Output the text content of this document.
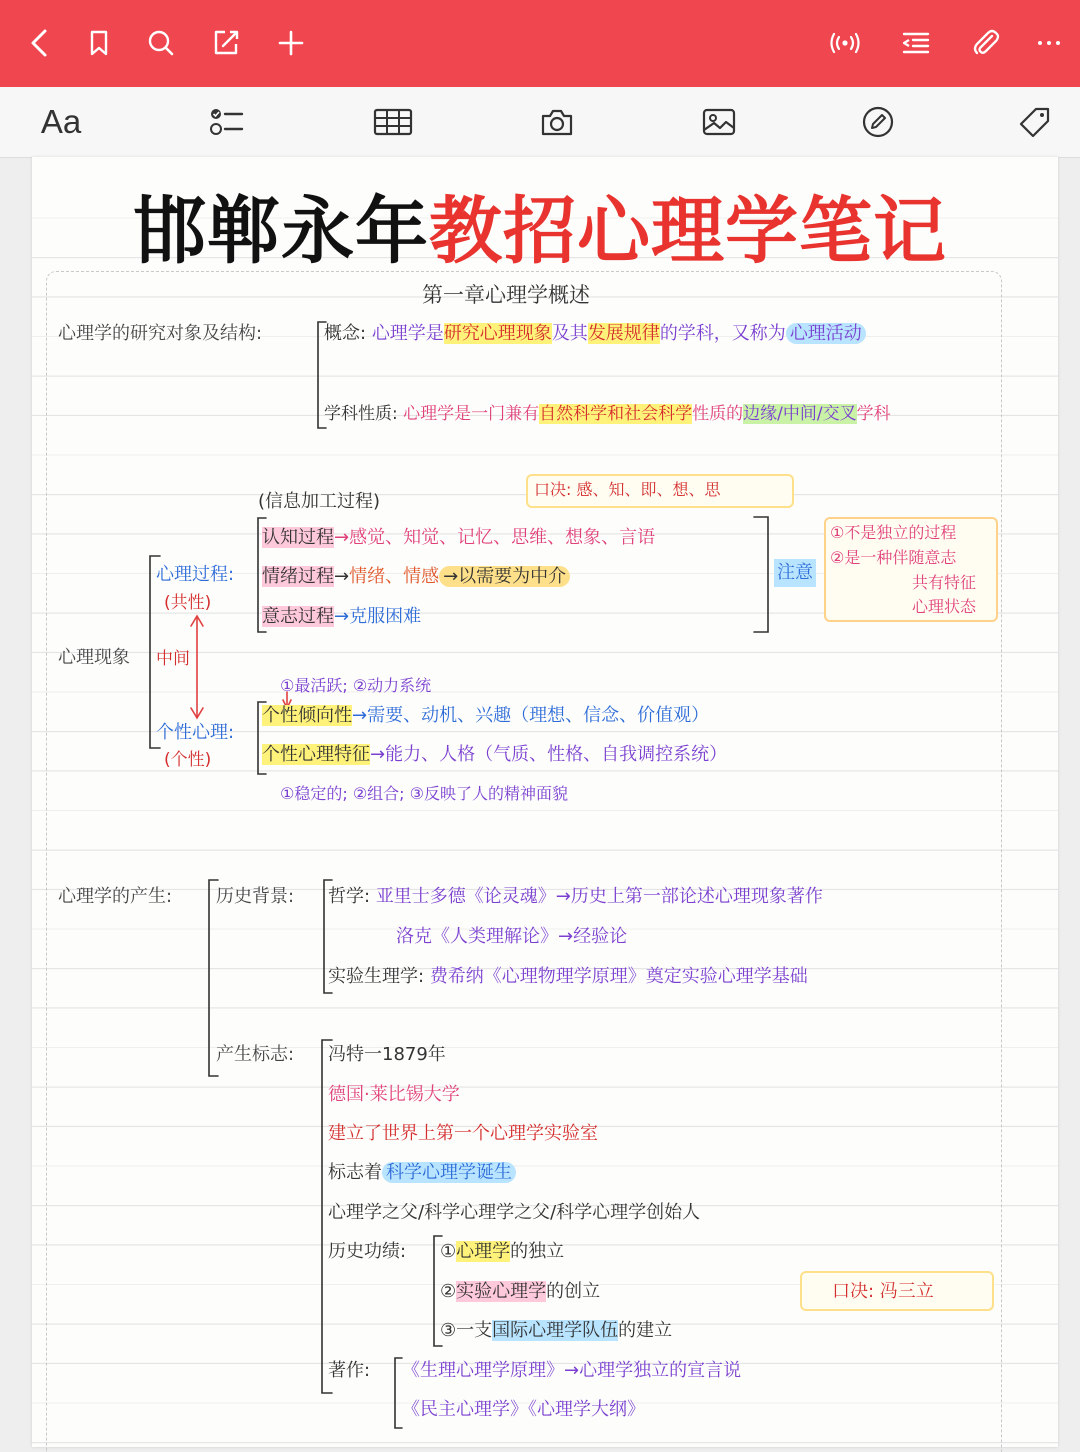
Aa
邯郸永年教招心理学笔记
第一章心理学概述
心理学的研究对象及结构:	概念: 心理学是研究心理现象及其发展规律的学科，又称为 心理活动
学科性质: 心理学是一门兼有自然科学和社会科学性质的边缘/中间/交叉学科
(信息加工过程)
口决: 感、知、即、想、思
认知过程→感觉、知觉、记忆、思维、想象、言语
情绪过程→情绪、情感 →以需要为中介
意志过程→克服困难
注意
①不是独立的过程
②是一种伴随意志
共有特征
心理状态
心理过程:
(共性)
心理现象 中间
个性心理:
(个性)
①最活跃; ②动力系统
个性倾向性→需要、动机、兴趣（理想、信念、价值观）
个性心理特征→能力、人格（气质、性格、自我调控系统）
①稳定的; ②组合; ③反映了人的精神面貌
心理学的产生: 历史背景: 哲学: 亚里士多德《论灵魂》→历史上第一部论述心理现象著作
洛克《人类理解论》→经验论
实验生理学: 费希纳《心理物理学原理》奠定实验心理学基础
产生标志: 冯特一1879年
德国·莱比锡大学
建立了世界上第一个心理学实验室
标志着 科学心理学诞生
心理学之父/科学心理学之父/科学心理学创始人
历史功绩: ①心理学的独立
②实验心理学的创立
③一支国际心理学队伍的建立
口决: 冯三立
著作: 《生理心理学原理》→心理学独立的宣言说
《民主心理学》《心理学大纲》
